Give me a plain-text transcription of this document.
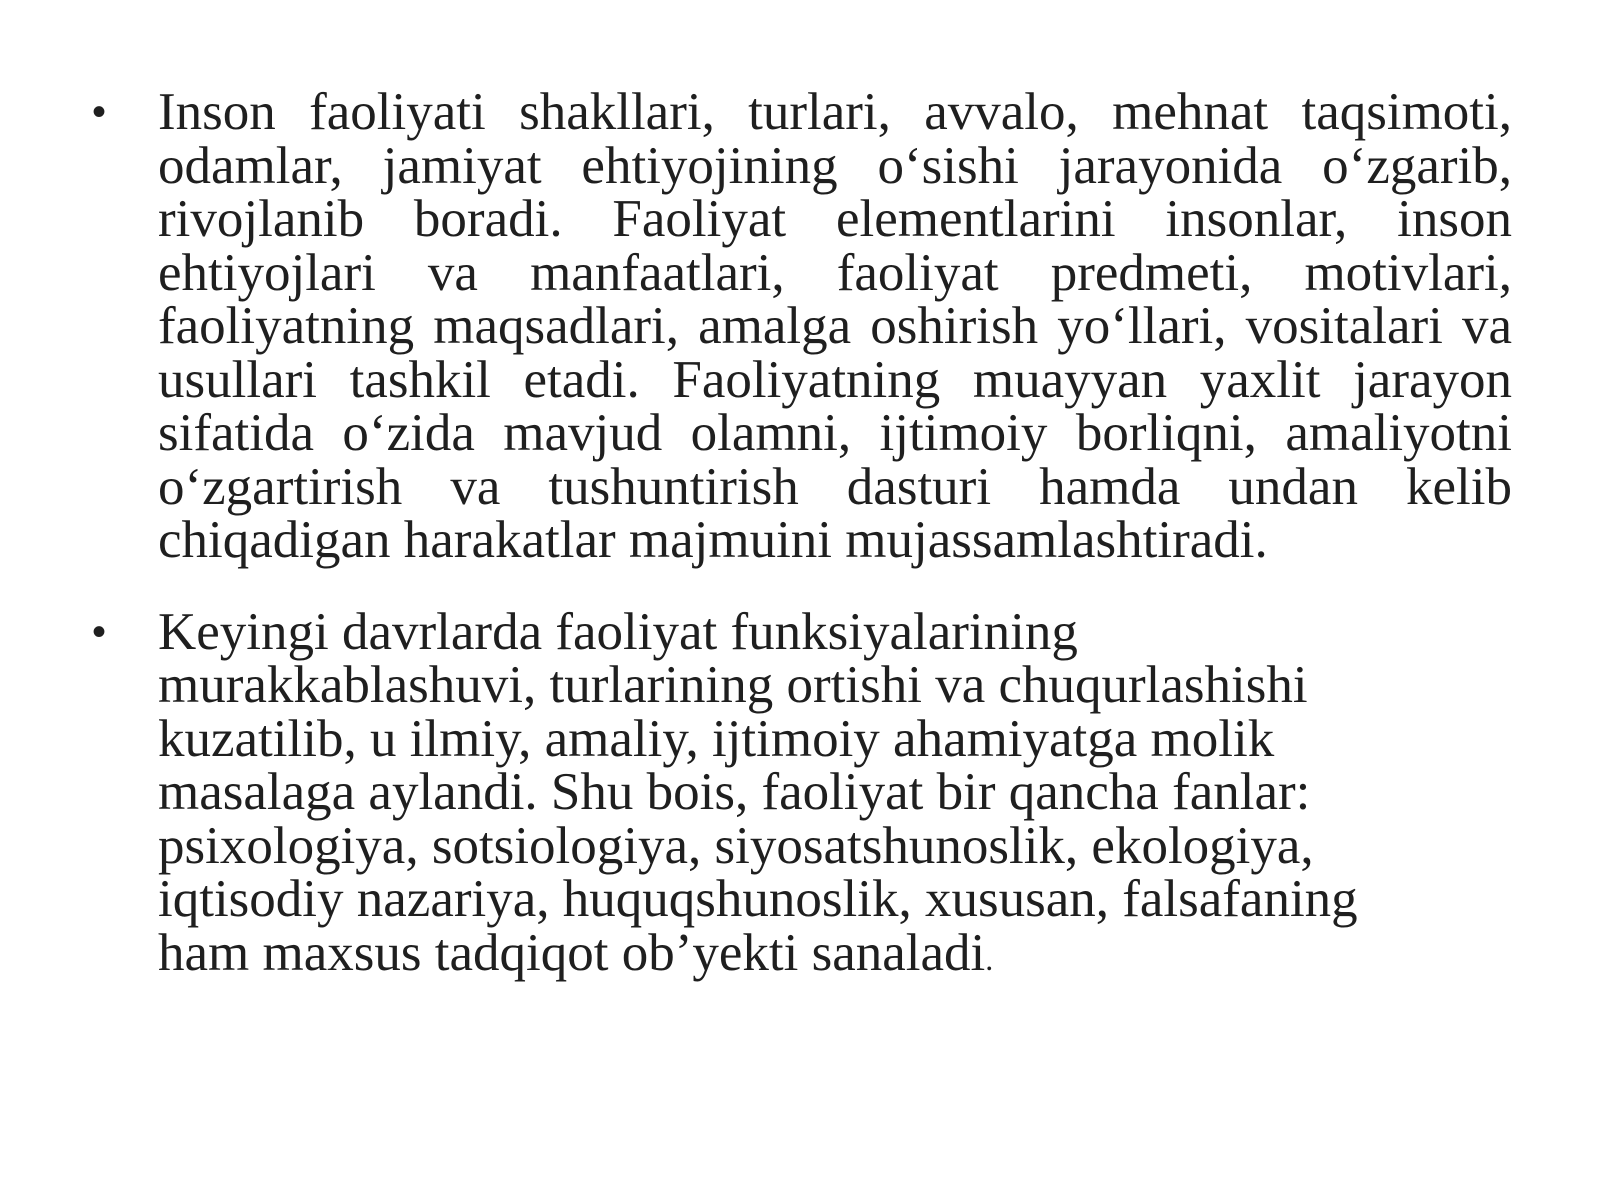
• Inson faoliyati shakllari, turlari, avvalo, mehnat taqsimoti, odamlar, jamiyat ehtiyojining o‘sishi jarayonida o‘zgarib, rivojlanib boradi. Faoliyat elementlarini insonlar, inson ehtiyojlari va manfaatlari, faoliyat predmeti, motivlari, faoliyatning maqsadlari, amalga oshirish yo‘llari, vositalari va usullari tashkil etadi. Faoliyatning muayyan yaxlit jarayon sifatida o‘zida mavjud olamni, ijtimoiy borliqni, amaliyotni o‘zgartirish va tushuntirish dasturi hamda undan kelib chiqadigan harakatlar majmuini mujassamlashtiradi.
• Keyingi davrlarda faoliyat funksiyalarining murakkablashuvi, turlarining ortishi va chuqurlashishi kuzatilib, u ilmiy, amaliy, ijtimoiy ahamiyatga molik masalaga aylandi. Shu bois, faoliyat bir qancha fanlar: psixologiya, sotsiologiya, siyosatshunoslik, ekologiya, iqtisodiy nazariya, huquqshunoslik, xususan, falsafaning ham maxsus tadqiqot ob’yekti sanaladi.
